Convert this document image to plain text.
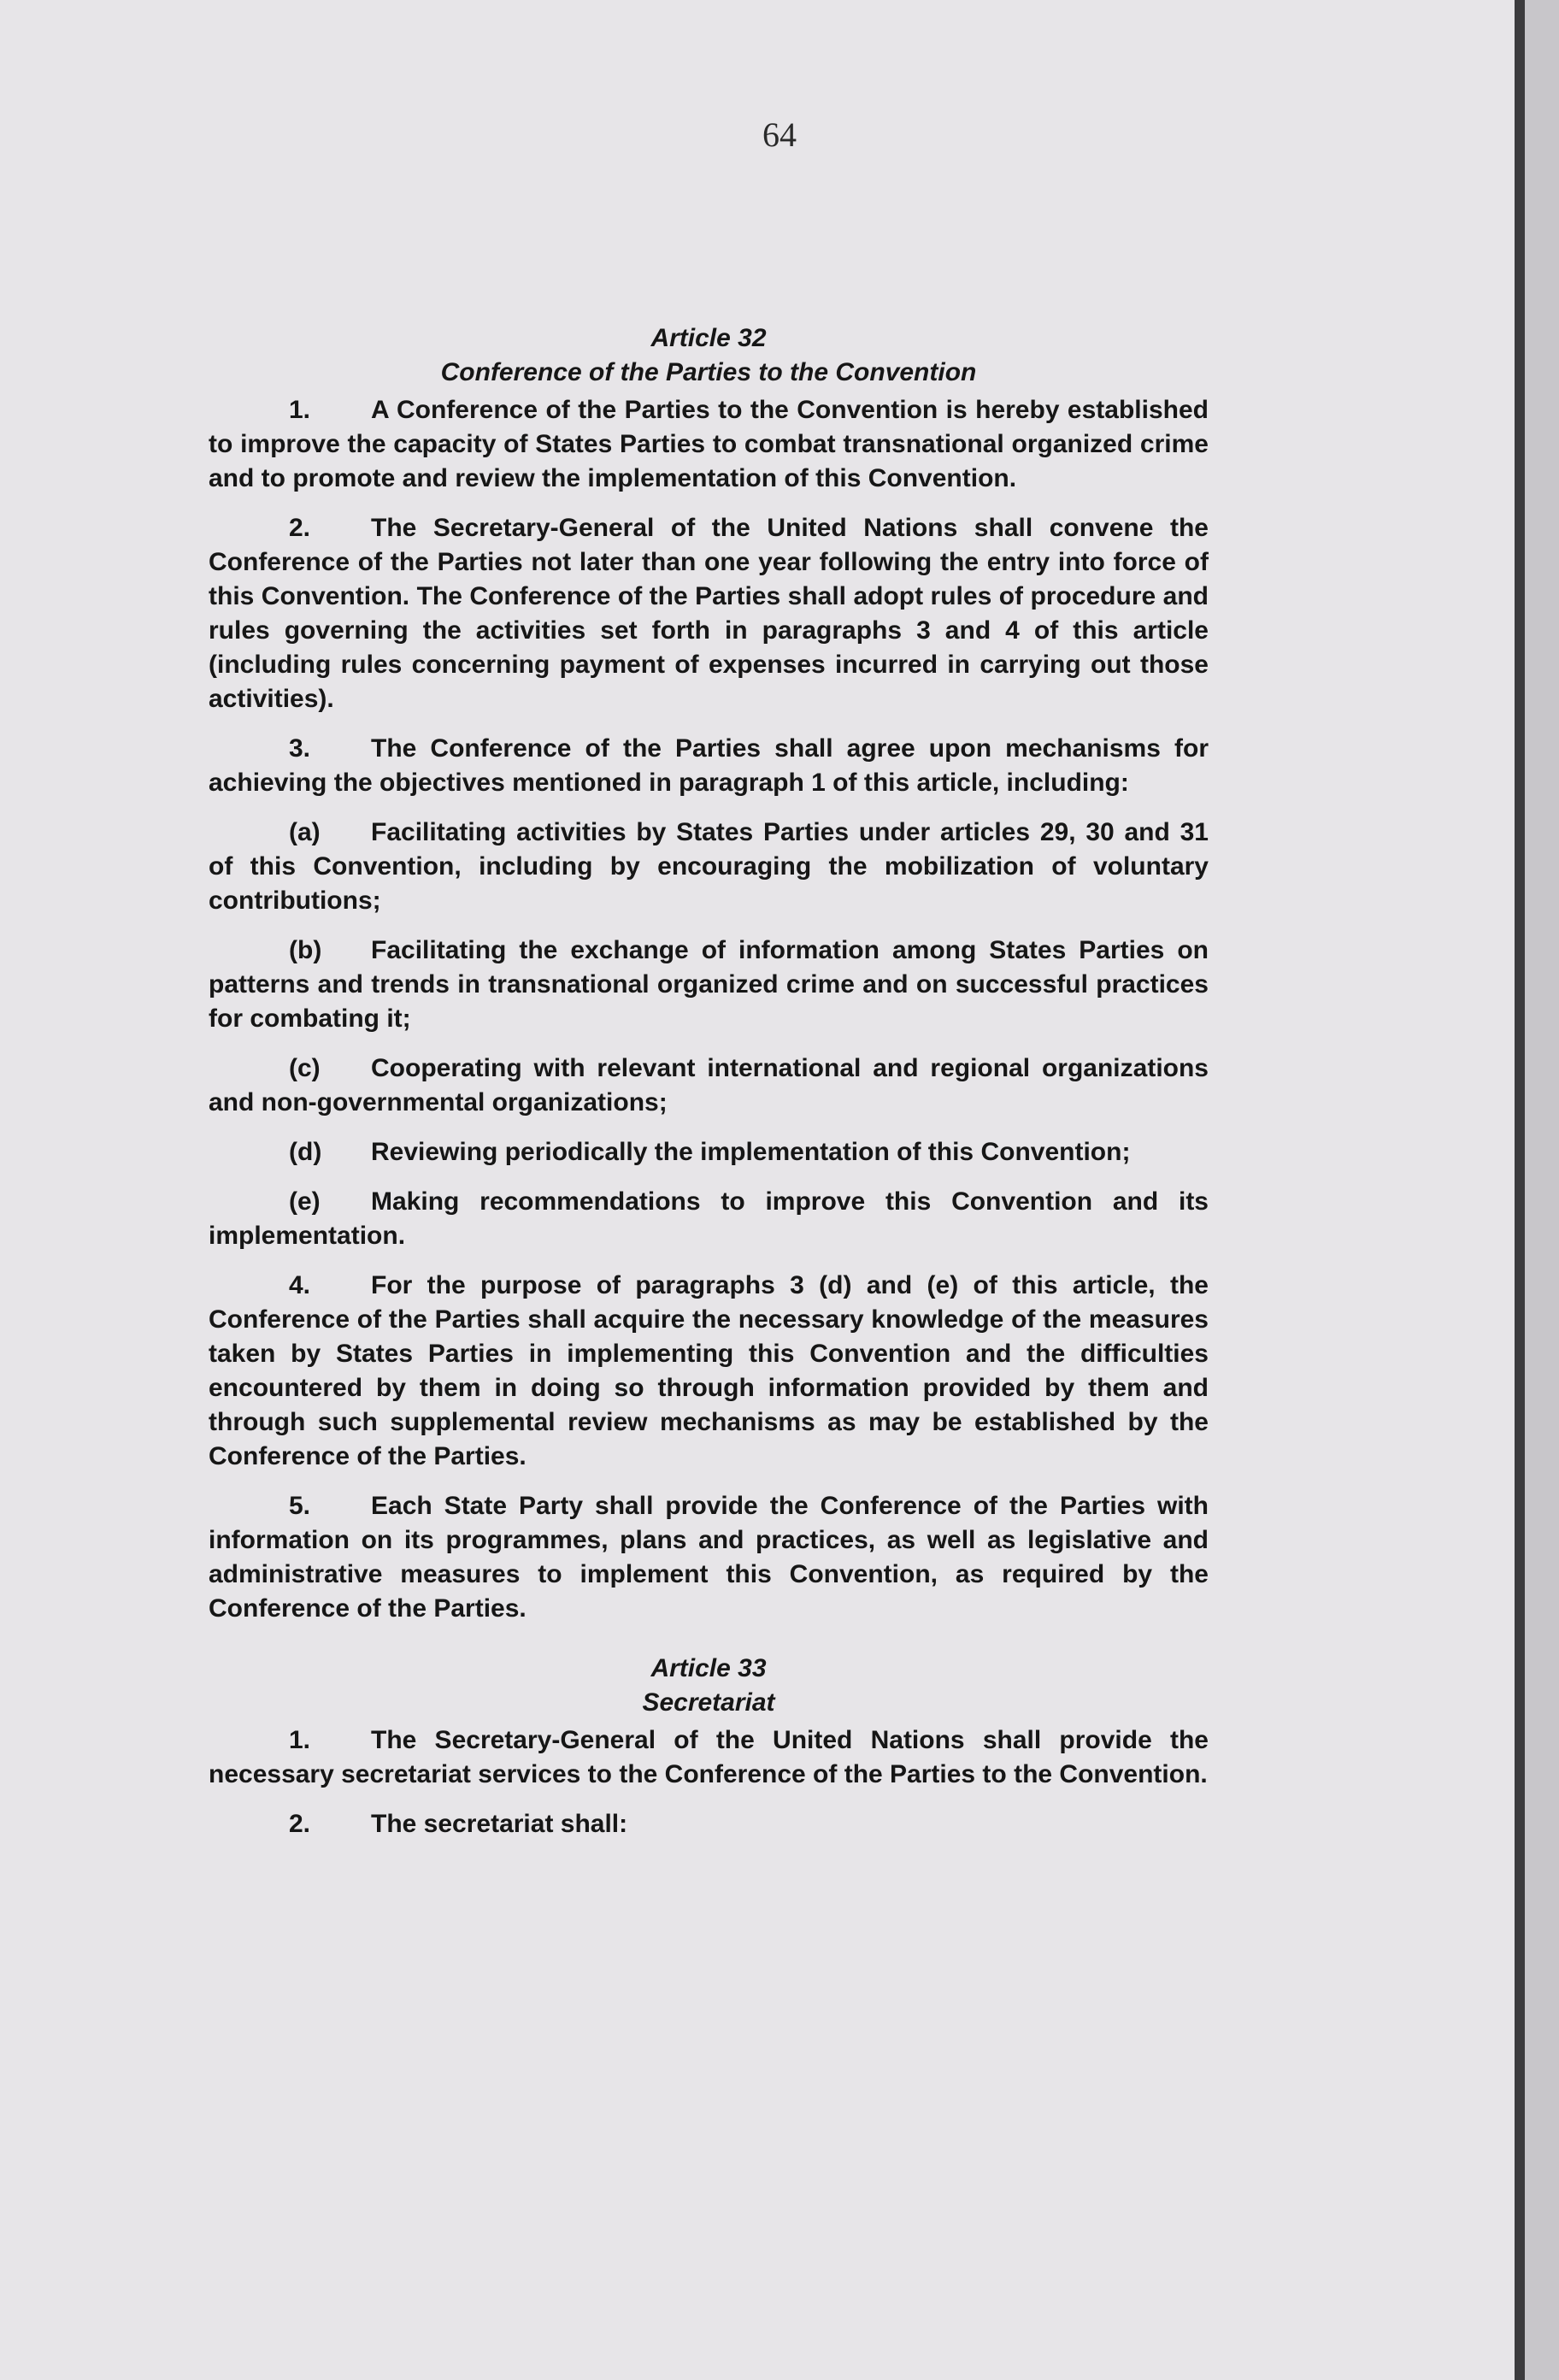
64
Article 32
Conference of the Parties to the Convention

1. A Conference of the Parties to the Convention is hereby established to improve the capacity of States Parties to combat transnational organized crime and to promote and review the implementation of this Convention.

2. The Secretary-General of the United Nations shall convene the Conference of the Parties not later than one year following the entry into force of this Convention. The Conference of the Parties shall adopt rules of procedure and rules governing the activities set forth in paragraphs 3 and 4 of this article (including rules concerning payment of expenses incurred in carrying out those activities).

3. The Conference of the Parties shall agree upon mechanisms for achieving the objectives mentioned in paragraph 1 of this article, including:

(a) Facilitating activities by States Parties under articles 29, 30 and 31 of this Convention, including by encouraging the mobilization of voluntary contributions;

(b) Facilitating the exchange of information among States Parties on patterns and trends in transnational organized crime and on successful practices for combating it;

(c) Cooperating with relevant international and regional organizations and non-governmental organizations;

(d) Reviewing periodically the implementation of this Convention;

(e) Making recommendations to improve this Convention and its implementation.

4. For the purpose of paragraphs 3 (d) and (e) of this article, the Conference of the Parties shall acquire the necessary knowledge of the measures taken by States Parties in implementing this Convention and the difficulties encountered by them in doing so through information provided by them and through such supplemental review mechanisms as may be established by the Conference of the Parties.

5. Each State Party shall provide the Conference of the Parties with information on its programmes, plans and practices, as well as legislative and administrative measures to implement this Convention, as required by the Conference of the Parties.

Article 33
Secretariat

1. The Secretary-General of the United Nations shall provide the necessary secretariat services to the Conference of the Parties to the Convention.

2. The secretariat shall:
